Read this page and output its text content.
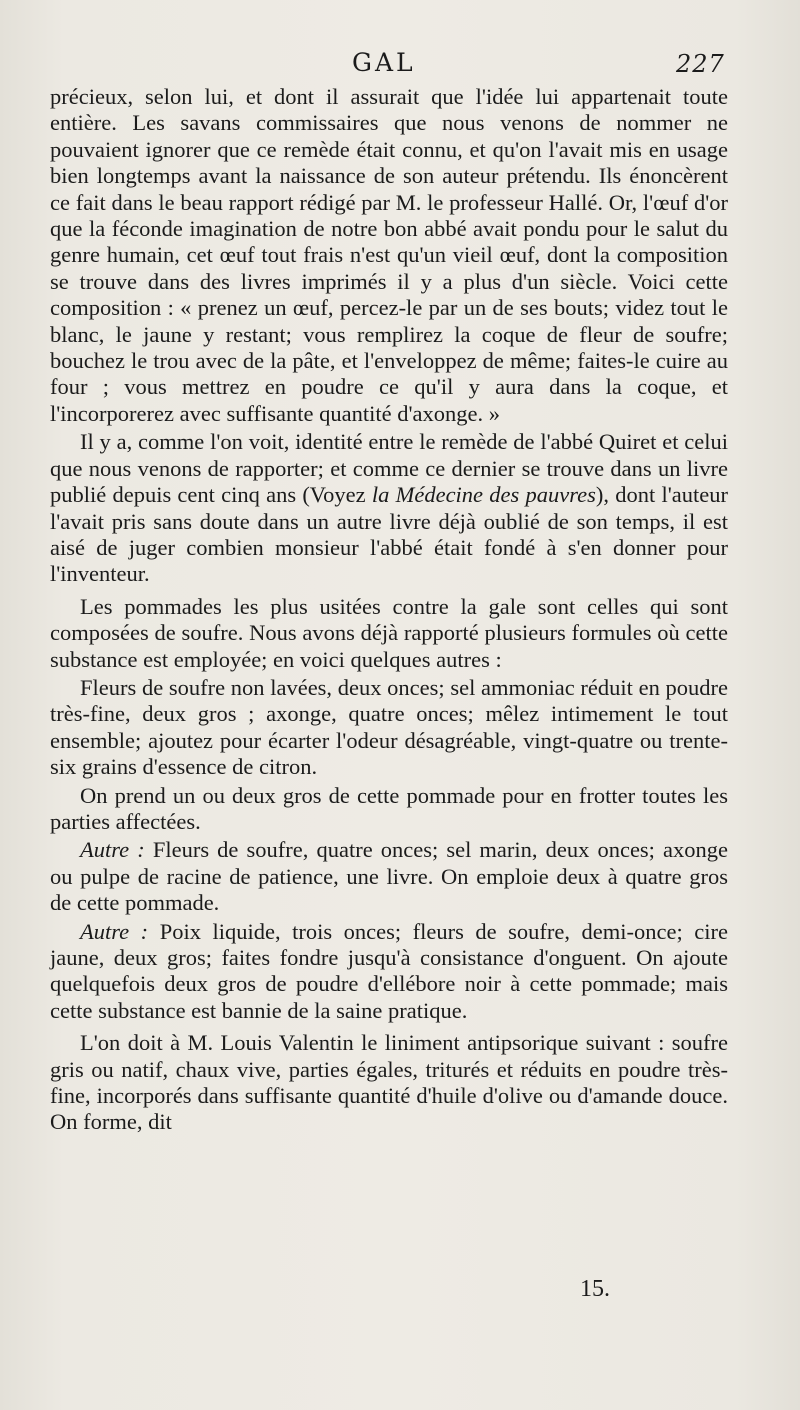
GAL	227

précieux, selon lui, et dont il assurait que l'idée lui appartenait toute entière. Les savans commissaires que nous venons de nommer ne pouvaient ignorer que ce remède était connu, et qu'on l'avait mis en usage bien longtemps avant la naissance de son auteur prétendu. Ils énoncèrent ce fait dans le beau rapport rédigé par M. le professeur Hallé. Or, l'œuf d'or que la féconde imagination de notre bon abbé avait pondu pour le salut du genre humain, cet œuf tout frais n'est qu'un vieil œuf, dont la composition se trouve dans des livres imprimés il y a plus d'un siècle. Voici cette composition : « prenez un œuf, percez-le par un de ses bouts; videz tout le blanc, le jaune y restant; vous remplirez la coque de fleur de soufre; bouchez le trou avec de la pâte, et l'enveloppez de même; faites-le cuire au four ; vous mettrez en poudre ce qu'il y aura dans la coque, et l'incorporerez avec suffisante quantité d'axonge. »

Il y a, comme l'on voit, identité entre le remède de l'abbé Quiret et celui que nous venons de rapporter; et comme ce dernier se trouve dans un livre publié depuis cent cinq ans (Voyez la Médecine des pauvres), dont l'auteur l'avait pris sans doute dans un autre livre déjà oublié de son temps, il est aisé de juger combien monsieur l'abbé était fondé à s'en donner pour l'inventeur.

Les pommades les plus usitées contre la gale sont celles qui sont composées de soufre. Nous avons déjà rapporté plusieurs formules où cette substance est employée; en voici quelques autres :

Fleurs de soufre non lavées, deux onces; sel ammoniac réduit en poudre très-fine, deux gros ; axonge, quatre onces; mêlez intimement le tout ensemble; ajoutez pour écarter l'odeur désagréable, vingt-quatre ou trente-six grains d'essence de citron.

On prend un ou deux gros de cette pommade pour en frotter toutes les parties affectées.

Autre : Fleurs de soufre, quatre onces; sel marin, deux onces; axonge ou pulpe de racine de patience, une livre. On emploie deux à quatre gros de cette pommade.

Autre : Poix liquide, trois onces; fleurs de soufre, demi-once; cire jaune, deux gros; faites fondre jusqu'à consistance d'onguent. On ajoute quelquefois deux gros de poudre d'ellébore noir à cette pommade; mais cette substance est bannie de la saine pratique.

L'on doit à M. Louis Valentin le liniment antipsorique suivant : soufre gris ou natif, chaux vive, parties égales, triturés et réduits en poudre très-fine, incorporés dans suffisante quantité d'huile d'olive ou d'amande douce. On forme, dit

15.
